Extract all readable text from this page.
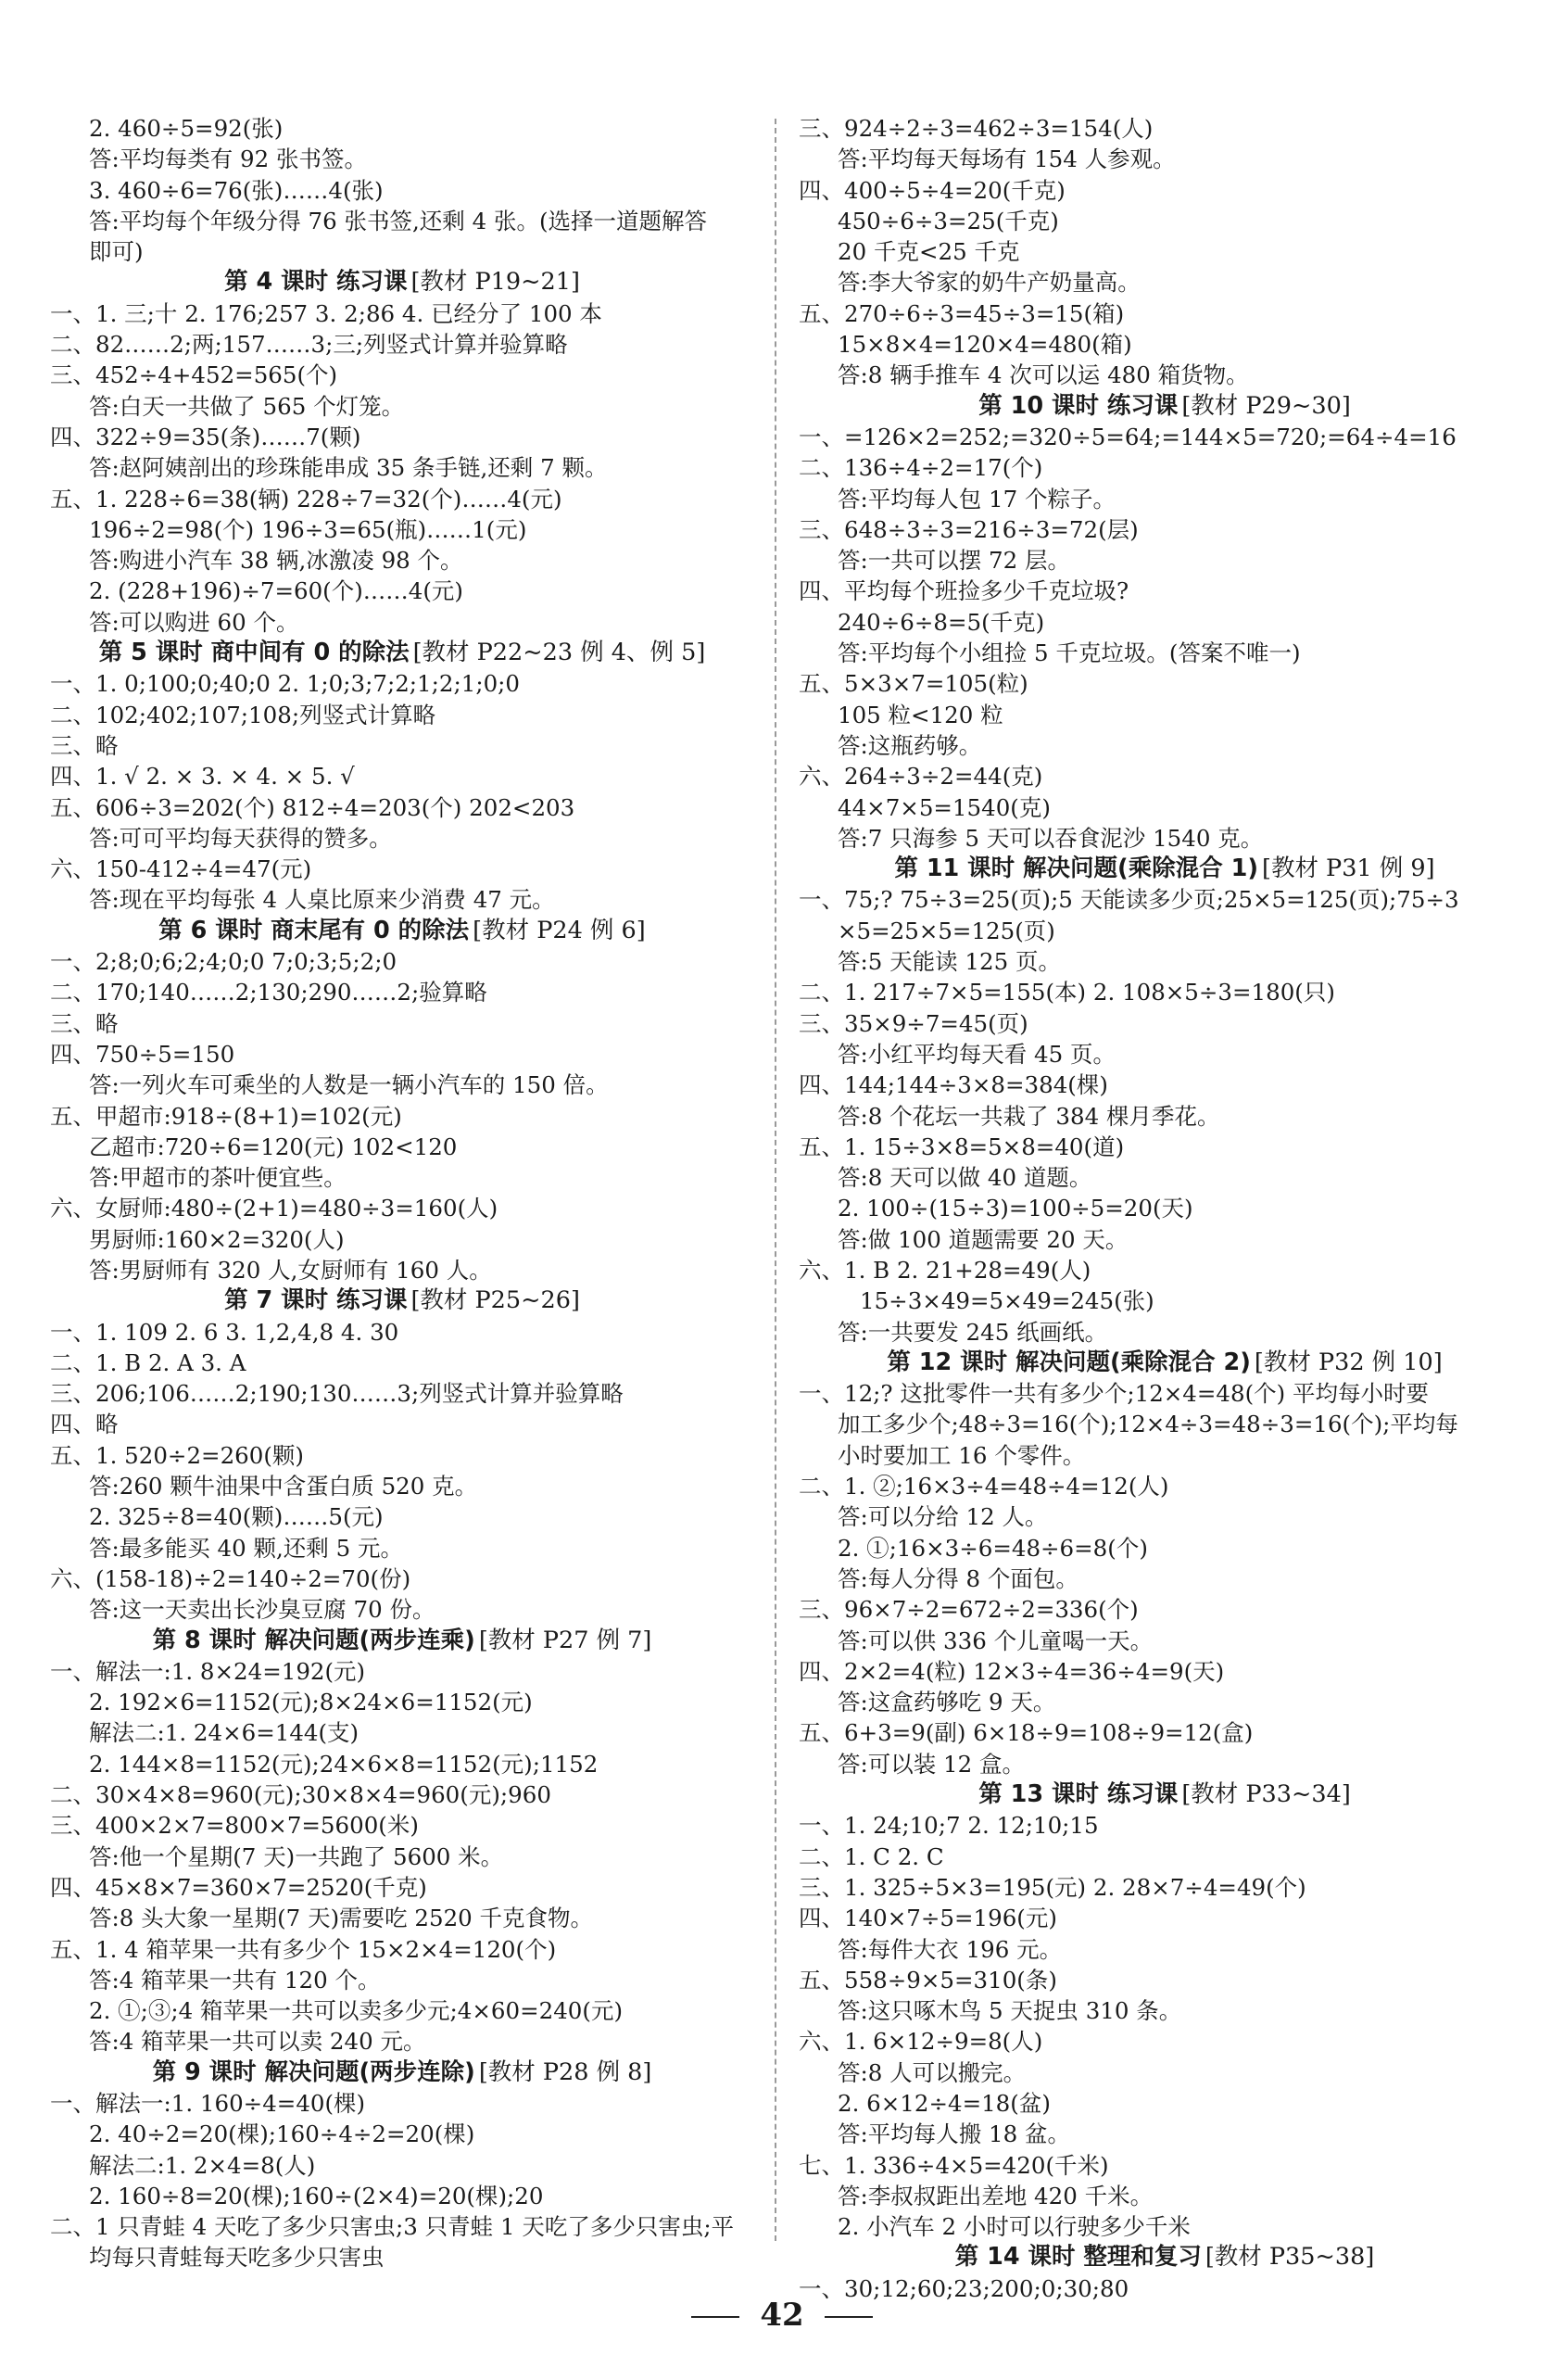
2. 460÷5=92(张)
答:平均每类有 92 张书签。
3. 460÷6=76(张)……4(张)
答:平均每个年级分得 76 张书签,还剩 4 张。(选择一道题解答
即可)
第 4 课时 练习课 [教材 P19~21]
一、1. 三;十 2. 176;257 3. 2;86 4. 已经分了 100 本
二、82……2;两;157……3;三;列竖式计算并验算略
三、452÷4+452=565(个)
答:白天一共做了 565 个灯笼。
四、322÷9=35(条)……7(颗)
答:赵阿姨剖出的珍珠能串成 35 条手链,还剩 7 颗。
五、1. 228÷6=38(辆) 228÷7=32(个)……4(元)
196÷2=98(个) 196÷3=65(瓶)……1(元)
答:购进小汽车 38 辆,冰激凌 98 个。
2. (228+196)÷7=60(个)……4(元)
答:可以购进 60 个。
第 5 课时 商中间有 0 的除法 [教材 P22~23 例 4、例 5]
一、1. 0;100;0;40;0 2. 1;0;3;7;2;1;2;1;0;0
二、102;402;107;108;列竖式计算略
三、略
四、1. √ 2. × 3. × 4. × 5. √
五、606÷3=202(个) 812÷4=203(个) 202<203
答:可可平均每天获得的赞多。
六、150-412÷4=47(元)
答:现在平均每张 4 人桌比原来少消费 47 元。
第 6 课时 商末尾有 0 的除法 [教材 P24 例 6]
一、2;8;0;6;2;4;0;0 7;0;3;5;2;0
二、170;140……2;130;290……2;验算略
三、略
四、750÷5=150
答:一列火车可乘坐的人数是一辆小汽车的 150 倍。
五、甲超市:918÷(8+1)=102(元)
乙超市:720÷6=120(元) 102<120
答:甲超市的茶叶便宜些。
六、女厨师:480÷(2+1)=480÷3=160(人)
男厨师:160×2=320(人)
答:男厨师有 320 人,女厨师有 160 人。
第 7 课时 练习课 [教材 P25~26]
一、1. 109 2. 6 3. 1,2,4,8 4. 30
二、1. B 2. A 3. A
三、206;106……2;190;130……3;列竖式计算并验算略
四、略
五、1. 520÷2=260(颗)
答:260 颗牛油果中含蛋白质 520 克。
2. 325÷8=40(颗)……5(元)
答:最多能买 40 颗,还剩 5 元。
六、(158-18)÷2=140÷2=70(份)
答:这一天卖出长沙臭豆腐 70 份。
第 8 课时 解决问题(两步连乘) [教材 P27 例 7]
一、解法一:1. 8×24=192(元)
2. 192×6=1152(元);8×24×6=1152(元)
解法二:1. 24×6=144(支)
2. 144×8=1152(元);24×6×8=1152(元);1152
二、30×4×8=960(元);30×8×4=960(元);960
三、400×2×7=800×7=5600(米)
答:他一个星期(7 天)一共跑了 5600 米。
四、45×8×7=360×7=2520(千克)
答:8 头大象一星期(7 天)需要吃 2520 千克食物。
五、1. 4 箱苹果一共有多少个 15×2×4=120(个)
答:4 箱苹果一共有 120 个。
2. ①;③;4 箱苹果一共可以卖多少元;4×60=240(元)
答:4 箱苹果一共可以卖 240 元。
第 9 课时 解决问题(两步连除) [教材 P28 例 8]
一、解法一:1. 160÷4=40(棵)
2. 40÷2=20(棵);160÷4÷2=20(棵)
解法二:1. 2×4=8(人)
2. 160÷8=20(棵);160÷(2×4)=20(棵);20
二、1 只青蛙 4 天吃了多少只害虫;3 只青蛙 1 天吃了多少只害虫;平
均每只青蛙每天吃多少只害虫
三、924÷2÷3=462÷3=154(人)
答:平均每天每场有 154 人参观。
四、400÷5÷4=20(千克)
450÷6÷3=25(千克)
20 千克<25 千克
答:李大爷家的奶牛产奶量高。
五、270÷6÷3=45÷3=15(箱)
15×8×4=120×4=480(箱)
答:8 辆手推车 4 次可以运 480 箱货物。
第 10 课时 练习课 [教材 P29~30]
一、=126×2=252;=320÷5=64;=144×5=720;=64÷4=16
二、136÷4÷2=17(个)
答:平均每人包 17 个粽子。
三、648÷3÷3=216÷3=72(层)
答:一共可以摆 72 层。
四、平均每个班捡多少千克垃圾?
240÷6÷8=5(千克)
答:平均每个小组捡 5 千克垃圾。(答案不唯一)
五、5×3×7=105(粒)
105 粒<120 粒
答:这瓶药够。
六、264÷3÷2=44(克)
44×7×5=1540(克)
答:7 只海参 5 天可以吞食泥沙 1540 克。
第 11 课时 解决问题(乘除混合 1) [教材 P31 例 9]
一、75;? 75÷3=25(页);5 天能读多少页;25×5=125(页);75÷3
×5=25×5=125(页)
答:5 天能读 125 页。
二、1. 217÷7×5=155(本) 2. 108×5÷3=180(只)
三、35×9÷7=45(页)
答:小红平均每天看 45 页。
四、144;144÷3×8=384(棵)
答:8 个花坛一共栽了 384 棵月季花。
五、1. 15÷3×8=5×8=40(道)
答:8 天可以做 40 道题。
2. 100÷(15÷3)=100÷5=20(天)
答:做 100 道题需要 20 天。
六、1. B 2. 21+28=49(人)
15÷3×49=5×49=245(张)
答:一共要发 245 纸画纸。
第 12 课时 解决问题(乘除混合 2) [教材 P32 例 10]
一、12;? 这批零件一共有多少个;12×4=48(个) 平均每小时要
加工多少个;48÷3=16(个);12×4÷3=48÷3=16(个);平均每
小时要加工 16 个零件。
二、1. ②;16×3÷4=48÷4=12(人)
答:可以分给 12 人。
2. ①;16×3÷6=48÷6=8(个)
答:每人分得 8 个面包。
三、96×7÷2=672÷2=336(个)
答:可以供 336 个儿童喝一天。
四、2×2=4(粒) 12×3÷4=36÷4=9(天)
答:这盒药够吃 9 天。
五、6+3=9(副) 6×18÷9=108÷9=12(盒)
答:可以装 12 盒。
第 13 课时 练习课 [教材 P33~34]
一、1. 24;10;7 2. 12;10;15
二、1. C 2. C
三、1. 325÷5×3=195(元) 2. 28×7÷4=49(个)
四、140×7÷5=196(元)
答:每件大衣 196 元。
五、558÷9×5=310(条)
答:这只啄木鸟 5 天捉虫 310 条。
六、1. 6×12÷9=8(人)
答:8 人可以搬完。
2. 6×12÷4=18(盆)
答:平均每人搬 18 盆。
七、1. 336÷4×5=420(千米)
答:李叔叔距出差地 420 千米。
2. 小汽车 2 小时可以行驶多少千米
第 14 课时 整理和复习 [教材 P35~38]
一、30;12;60;23;200;0;30;80
42
